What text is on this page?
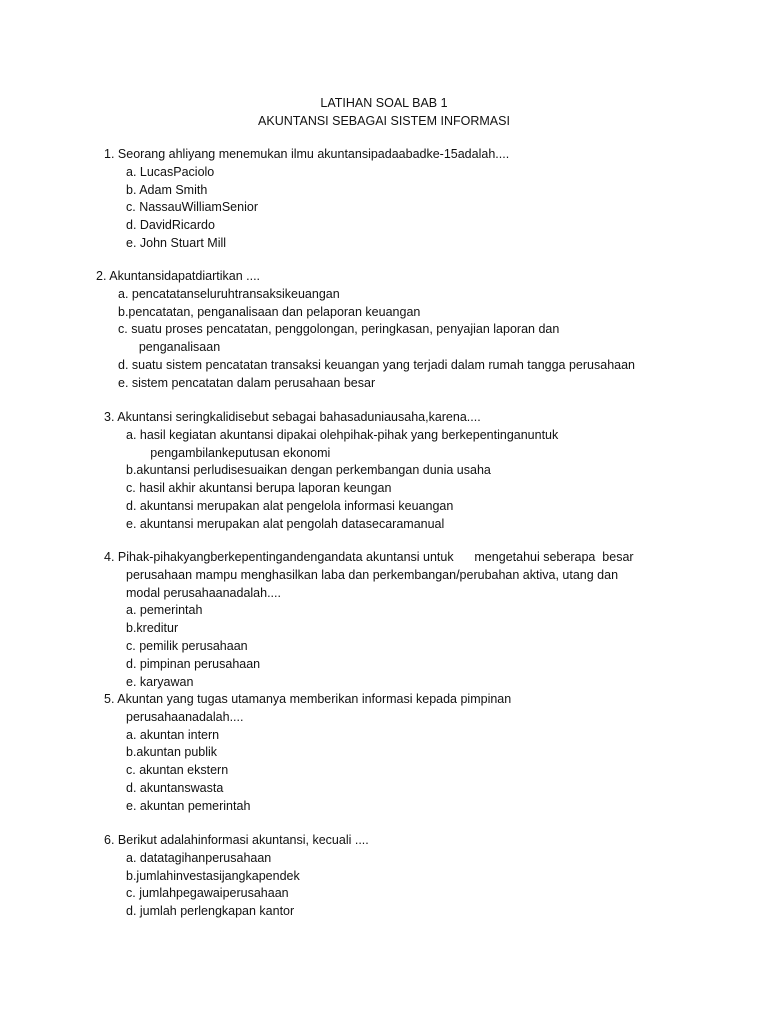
LATIHAN SOAL BAB 1
AKUNTANSI SEBAGAI SISTEM INFORMASI
1. Seorang ahliyang menemukan ilmu akuntansipadaabadke-15adalah....
a. LucasPaciolo
b. Adam Smith
c. NassauWilliamSenior
d. DavidRicardo
e. John Stuart Mill
2. Akuntansidapatdiartikan ....
a. pencatatanseluruhtransaksikeuangan
b.pencatatan, penganalisaan dan pelaporan keuangan
c. suatu proses pencatatan, penggolongan, peringkasan, penyajian laporan dan
penganalisaan
d. suatu sistem pencatatan transaksi keuangan yang terjadi dalam rumah tangga perusahaan
e. sistem pencatatan dalam perusahaan besar
3. Akuntansi seringkalidisebut sebagai bahasaduniausaha,karena....
a. hasil kegiatan akuntansi dipakai olehpihak-pihak yang berkepentinganuntuk
pengambilankeputusan ekonomi
b.akuntansi perludisesuaikan dengan perkembangan dunia usaha
c. hasil akhir akuntansi berupa laporan keungan
d. akuntansi merupakan alat pengelola informasi keuangan
e. akuntansi merupakan alat pengolah datasecaramanual
4. Pihak-pihakyangberkepentingandengandata akuntansi untuk      mengetahui seberapa  besar
perusahaan mampu menghasilkan laba dan perkembangan/perubahan aktiva, utang dan
modal perusahaanadalah....
a. pemerintah
b.kreditur
c. pemilik perusahaan
d. pimpinan perusahaan
e. karyawan
5. Akuntan yang tugas utamanya memberikan informasi kepada pimpinan
perusahaanadalah....
a. akuntan intern
b.akuntan publik
c. akuntan ekstern
d. akuntanswasta
e. akuntan pemerintah
6. Berikut adalahinformasi akuntansi, kecuali ....
a. datatagihanperusahaan
b.jumlahinvestasijangkapendek
c. jumlahpegawaiperusahaan
d. jumlah perlengkapan kantor
